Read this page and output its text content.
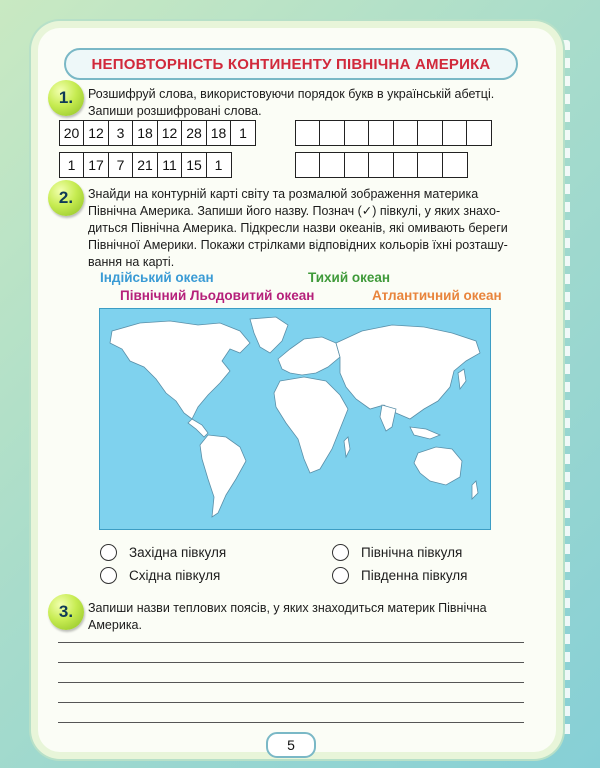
НЕПОВТОРНІСТЬ КОНТИНЕНТУ ПІВНІЧНА АМЕРИКА
1. Розшифруй слова, використовуючи порядок букв в українській абетці.
Запиши розшифровані слова.
20 12 3 18 12 28 18 1
1 17 7 21 11 15 1
2. Знайди на контурній карті світу та розмалюй зображення материка
Північна Америка. Запиши його назву. Познач (✓) півкулі, у яких знахо-
диться Північна Америка. Підкресли назви океанів, які омивають береги
Північної Америки. Покажи стрілками відповідних кольорів їхні розташу-
вання на карті.
Індійський океан	Тихий океан
Північний Льодовитий океан	Атлантичний океан
Західна півкуля
Східна півкуля
Північна півкуля
Південна півкуля
3. Запиши назви теплових поясів, у яких знаходиться материк Північна
Америка.
5
